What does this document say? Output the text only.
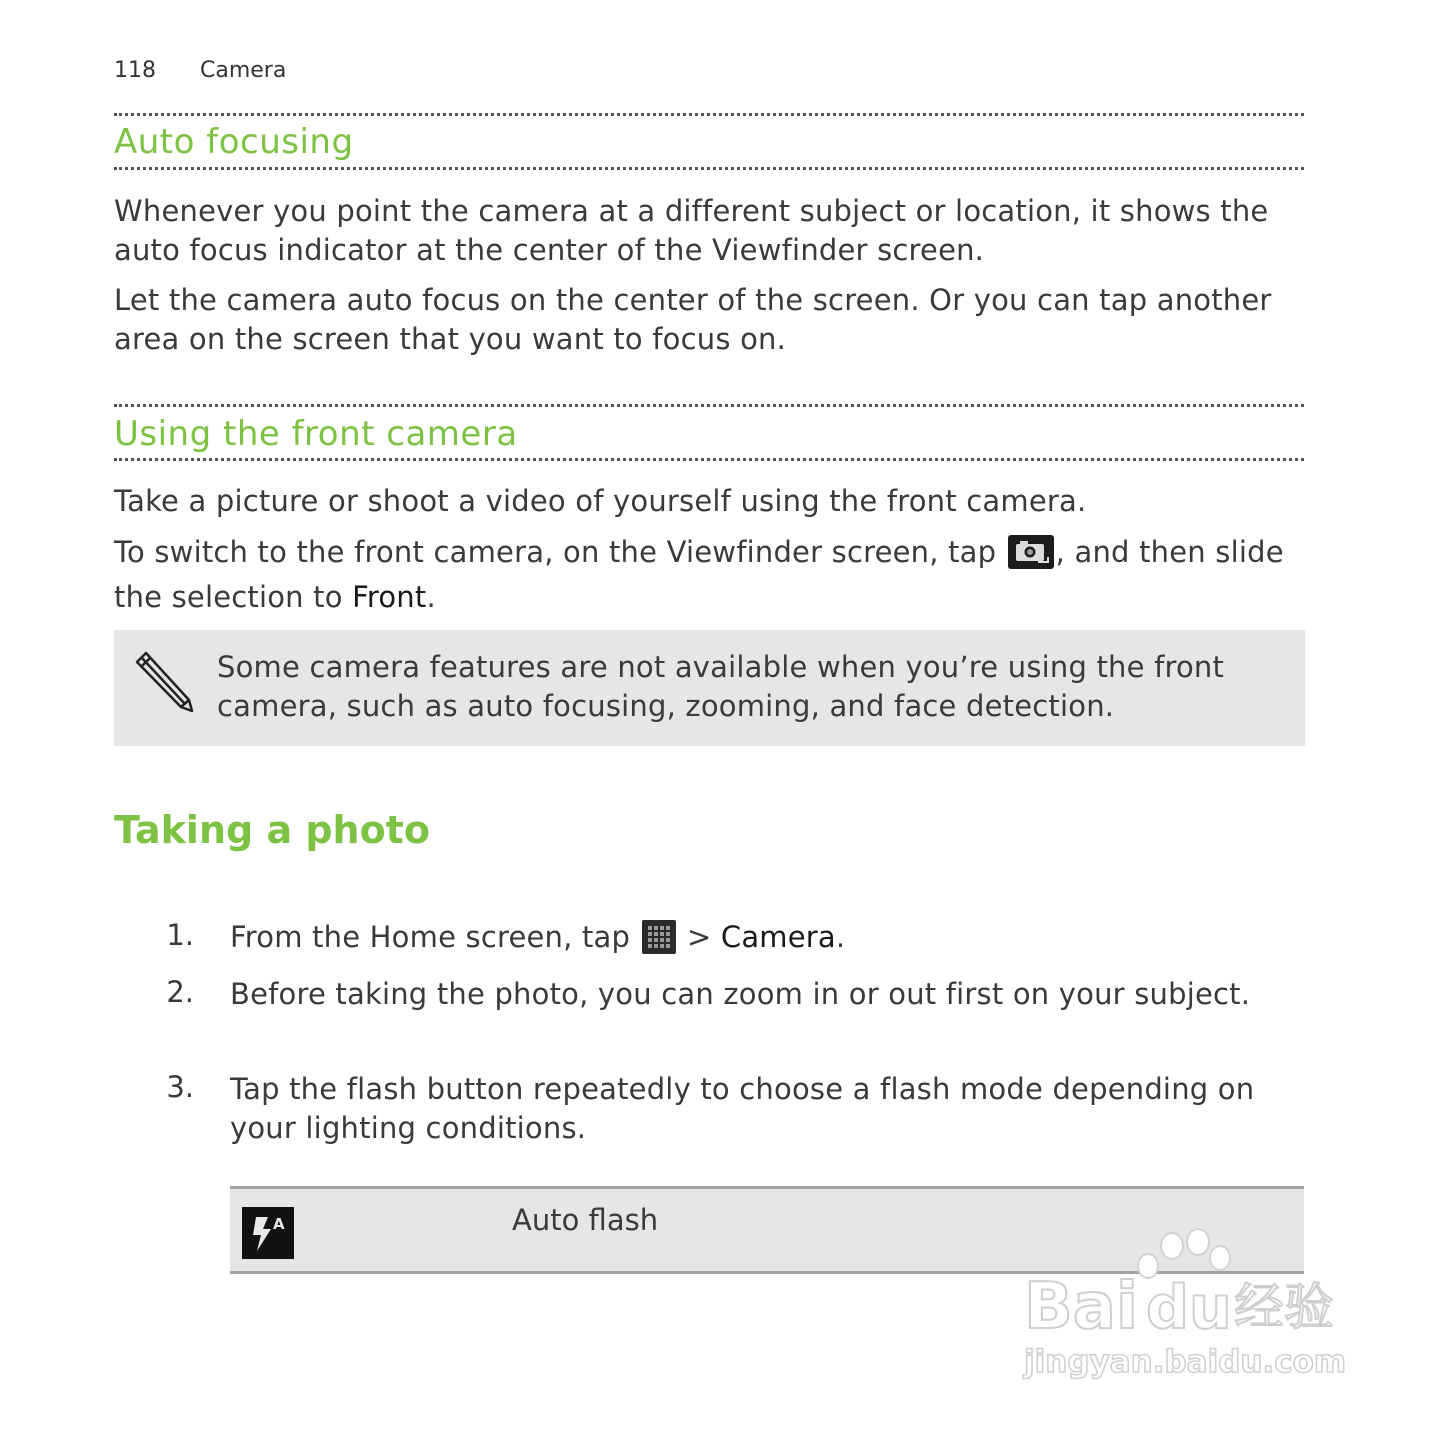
118 Camera
Auto focusing

Whenever you point the camera at a different subject or location, it shows the auto focus indicator at the center of the Viewfinder screen.

Let the camera auto focus on the center of the screen. Or you can tap another area on the screen that you want to focus on.

Using the front camera

Take a picture or shoot a video of yourself using the front camera.

To switch to the front camera, on the Viewfinder screen, tap , and then slide the selection to Front.

Some camera features are not available when you’re using the front camera, such as auto focusing, zooming, and face detection.
Taking a photo
1. From the Home screen, tap  > Camera.
2. Before taking the photo, you can zoom in or out first on your subject.
3. Tap the flash button repeatedly to choose a flash mode depending on your lighting conditions.
A	Auto flash
Bai du 经验
jingyan.baidu.com
